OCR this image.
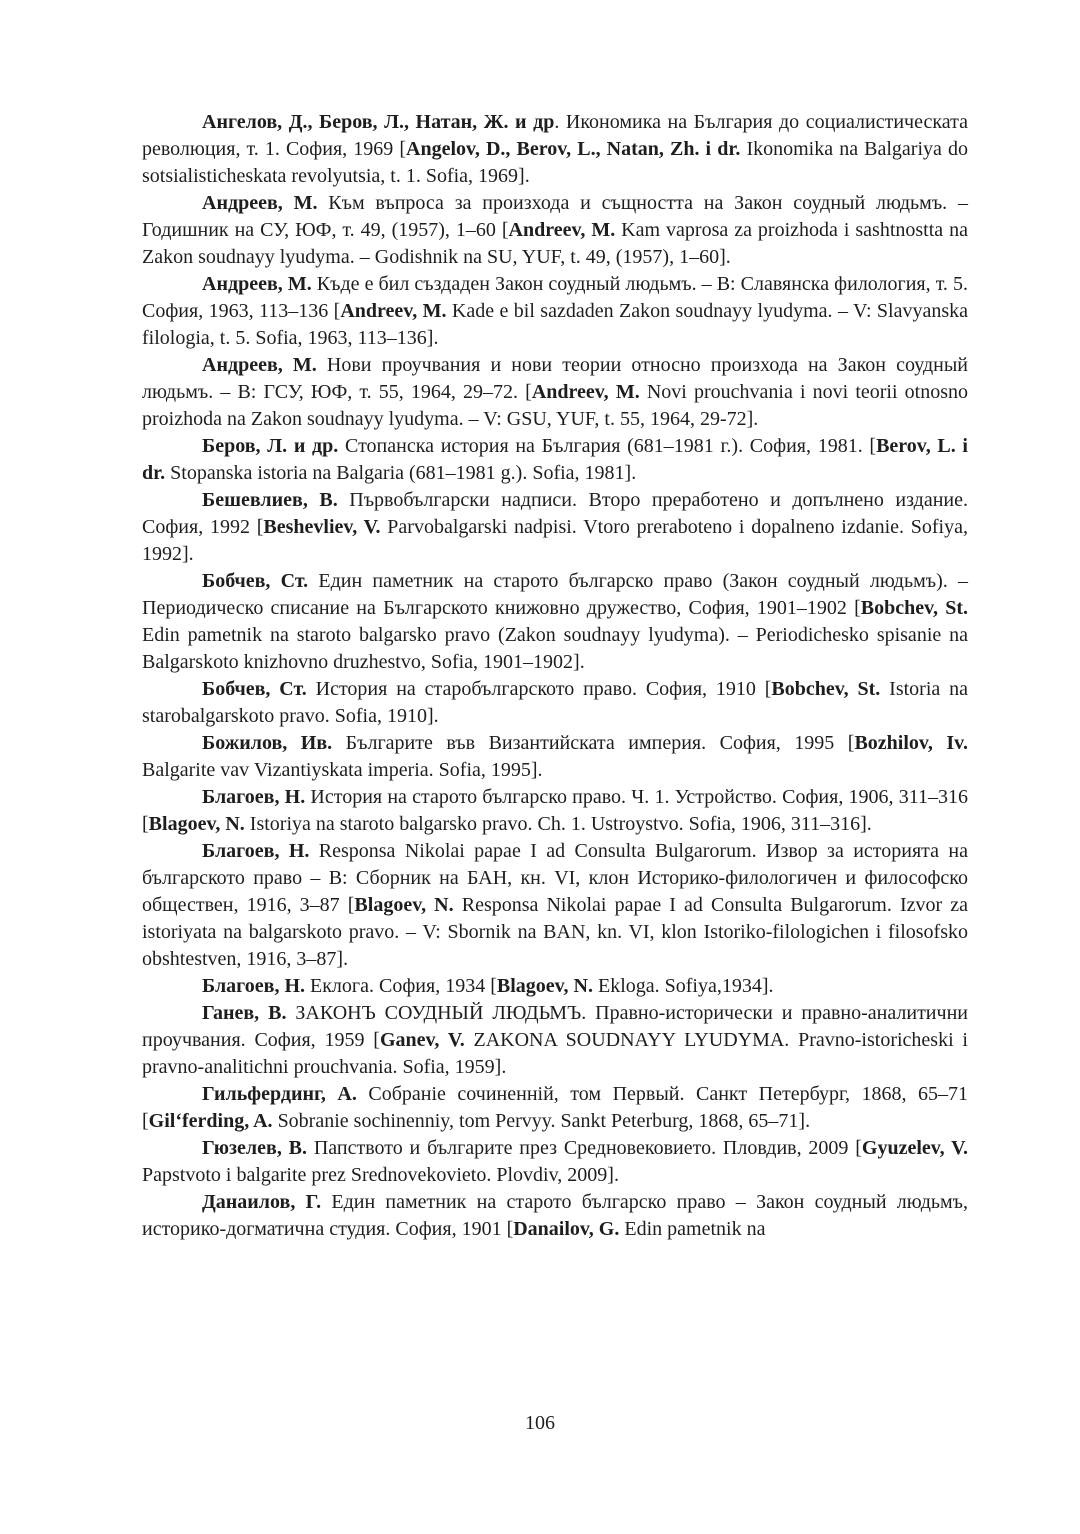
Ангелов, Д., Беров, Л., Натан, Ж. и др. Икономика на България до социалистическата революция, т. 1. София, 1969 [Angelov, D., Berov, L., Natan, Zh. i dr. Ikonomika na Balgariya do sotsialisticheskata revolyutsia, t. 1. Sofia, 1969].

Андреев, М. Към въпроса за произхода и същността на Закон соудный людьмъ. – Годишник на СУ, ЮФ, т. 49, (1957), 1–60 [Andreev, M. Kam vaprosa za proizhoda i sashtnostta na Zakon soudnayy lyudyma. – Godishnik na SU, YUF, t. 49, (1957), 1–60].

Андреев, М. Къде е бил създаден Закон соудный людьмъ. – В: Славянска филология, т. 5. София, 1963, 113–136 [Andreev, M. Kade e bil sazdaden Zakon soudnayy lyudyma. – V: Slavyanska filologia, t. 5. Sofia, 1963, 113–136].

Андреев, М. Нови проучвания и нови теории относно произхода на Закон соудный людьмъ. – В: ГСУ, ЮФ, т. 55, 1964, 29–72. [Andreev, M. Novi prouchvania i novi teorii otnosno proizhoda na Zakon soudnayy lyudyma. – V: GSU, YUF, t. 55, 1964, 29-72].

Беров, Л. и др. Стопанска история на България (681–1981 г.). София, 1981. [Berov, L. i dr. Stopanska istoria na Balgaria (681–1981 g.). Sofia, 1981].

Бешевлиев, В. Първобългарски надписи. Второ преработено и допълнено издание. София, 1992 [Beshevliev, V. Parvobalgarski nadpisi. Vtoro preraboteno i dopalneno izdanie. Sofiya, 1992].

Бобчев, Ст. Един паметник на старото българско право (Закон соудный людьмъ). – Периодическо списание на Българското книжовно дружество, София, 1901–1902 [Bobchev, St. Edin pametnik na staroto balgarsko pravo (Zakon soudnayy lyudyma). – Periodichesko spisanie na Balgarskoto knizhovno druzhestvo, Sofia, 1901–1902].

Бобчев, Ст. История на старобългарското право. София, 1910 [Bobchev, St. Istoria na starobalgarskoto pravo. Sofia, 1910].

Божилов, Ив. Българите във Византийската империя. София, 1995 [Bozhilov, Iv. Balgarite vav Vizantiyskata imperia. Sofia, 1995].

Благоев, Н. История на старото българско право. Ч. 1. Устройство. София, 1906, 311–316 [Blagoev, N. Istoriya na staroto balgarsko pravo. Ch. 1. Ustroystvo. Sofia, 1906, 311–316].

Благоев, Н. Responsa Nikolai papae I ad Consulta Bulgarorum. Извор за историята на българското право – В: Сборник на БАН, кн. VI, клон Историко-филологичен и философско обществен, 1916, 3–87 [Blagoev, N. Responsa Nikolai papae I ad Consulta Bulgarorum. Izvor za istoriyata na balgarskoto pravo. – V: Sbornik na BAN, kn. VI, klon Istoriko-filologichen i filosofsko obshtestven, 1916, 3–87].

Благоев, Н. Еклога. София, 1934 [Blagoev, N. Ekloga. Sofiya,1934].

Ганев, В. ЗАКОНЪ СОУДНЫЙ ЛЮДЬМЪ. Правно-исторически и правно-аналитични проучвания. София, 1959 [Ganev, V. ZAKONA SOUDNAYY LYUDYMA. Pravno-istoricheski i pravno-analitichni prouchvania. Sofia, 1959].

Гильфердинг, А. Собранie сочиненнiй, том Первый. Санкт Петербург, 1868, 65–71 [Gil‘ferding, A. Sobranie sochinenniy, tom Pervyy. Sankt Peterburg, 1868, 65–71].

Гюзелев, В. Папството и българите през Средновековието. Пловдив, 2009 [Gyuzelev, V. Papstvoto i balgarite prez Srednovekovieto. Plovdiv, 2009].

Данаилов, Г. Един паметник на старото българско право – Закон соудный людьмъ, историко-догматична студия. София, 1901 [Danailov, G. Edin pametnik na

106
